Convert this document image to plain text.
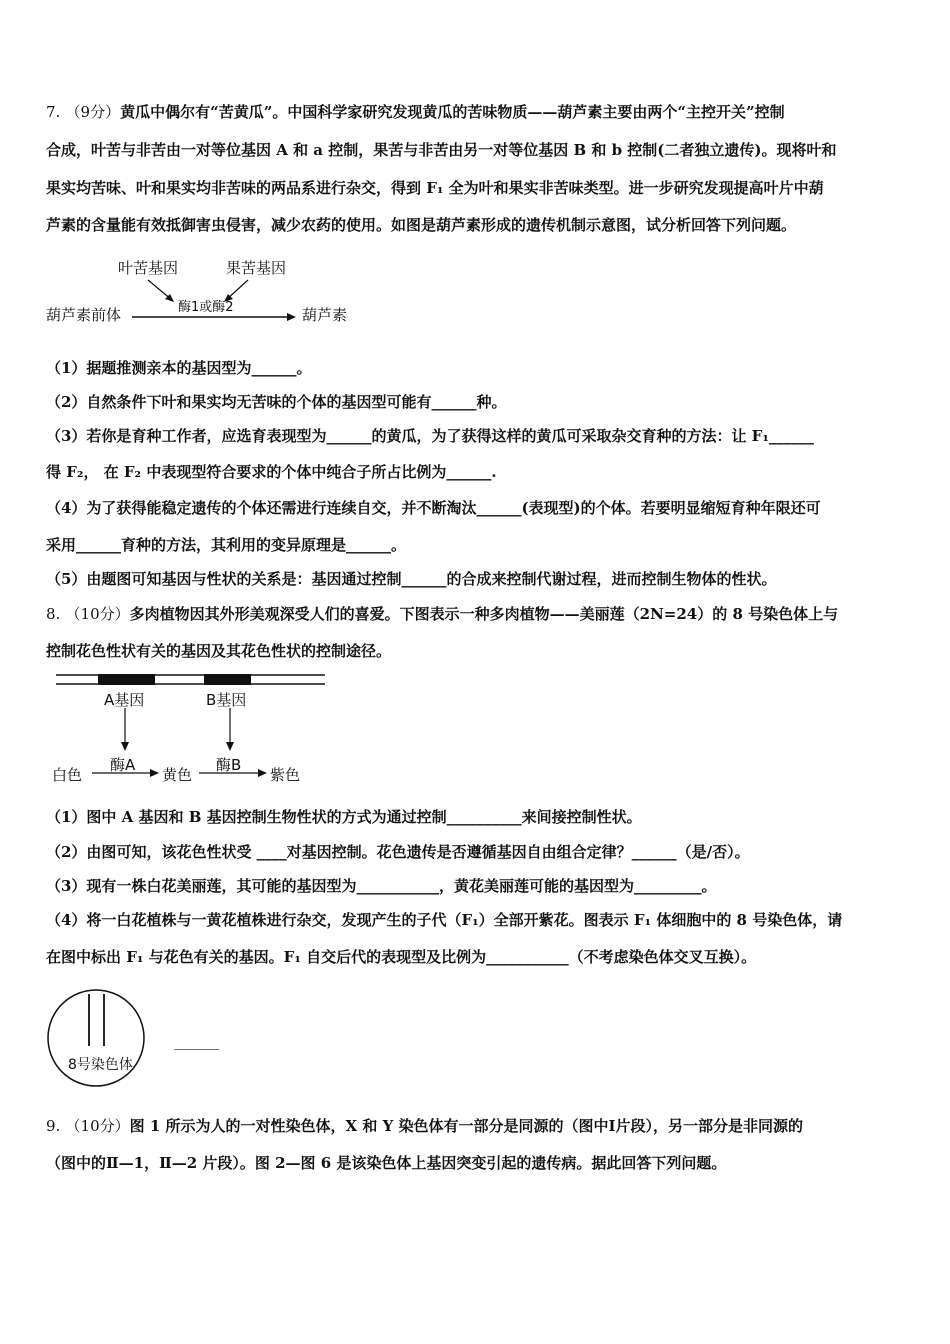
7. （9分）黄瓜中偶尔有“苦黄瓜”。中国科学家研究发现黄瓜的苦味物质——葫芦素主要由两个“主控开关”控制
合成，叶苦与非苦由一对等位基因 A 和 a 控制，果苦与非苦由另一对等位基因 B 和 b 控制(二者独立遗传)。现将叶和
果实均苦味、叶和果实均非苦味的两品系进行杂交，得到 F₁ 全为叶和果实非苦味类型。进一步研究发现提高叶片中葫
芦素的含量能有效抵御害虫侵害，减少农药的使用。如图是葫芦素形成的遗传机制示意图，试分析回答下列问题。
叶苦基因	果苦基因
酶1或酶2
葫芦素前体	葫芦素
（1）据题推测亲本的基因型为______。
（2）自然条件下叶和果实均无苦味的个体的基因型可能有______种。
（3）若你是育种工作者，应选育表现型为______的黄瓜，为了获得这样的黄瓜可采取杂交育种的方法：让 F₁______
得 F₂， 在 F₂ 中表现型符合要求的个体中纯合子所占比例为______.
（4）为了获得能稳定遗传的个体还需进行连续自交，并不断淘汰______(表现型)的个体。若要明显缩短育种年限还可
采用______育种的方法，其利用的变异原理是______。
（5）由题图可知基因与性状的关系是：基因通过控制______的合成来控制代谢过程，进而控制生物体的性状。
8. （10分）多肉植物因其外形美观深受人们的喜爱。下图表示一种多肉植物——美丽莲（2N=24）的 8 号染色体上与
控制花色性状有关的基因及其花色性状的控制途径。
A基因	B基因
酶A	酶B
白色	黄色	紫色
（1）图中 A 基因和 B 基因控制生物性状的方式为通过控制__________来间接控制性状。
（2）由图可知，该花色性状受 ____对基因控制。花色遗传是否遵循基因自由组合定律？______（是/否）。
（3）现有一株白花美丽莲，其可能的基因型为___________，黄花美丽莲可能的基因型为_________。
（4）将一白花植株与一黄花植株进行杂交，发现产生的子代（F₁）全部开紫花。图表示 F₁ 体细胞中的 8 号染色体，请
在图中标出 F₁ 与花色有关的基因。F₁ 自交后代的表现型及比例为___________（不考虑染色体交叉互换）。
8号染色体
______
9. （10分）图 1 所示为人的一对性染色体，X 和 Y 染色体有一部分是同源的（图中Ⅰ片段），另一部分是非同源的
（图中的Ⅱ—1，Ⅱ—2 片段）。图 2—图 6 是该染色体上基因突变引起的遗传病。据此回答下列问题。
